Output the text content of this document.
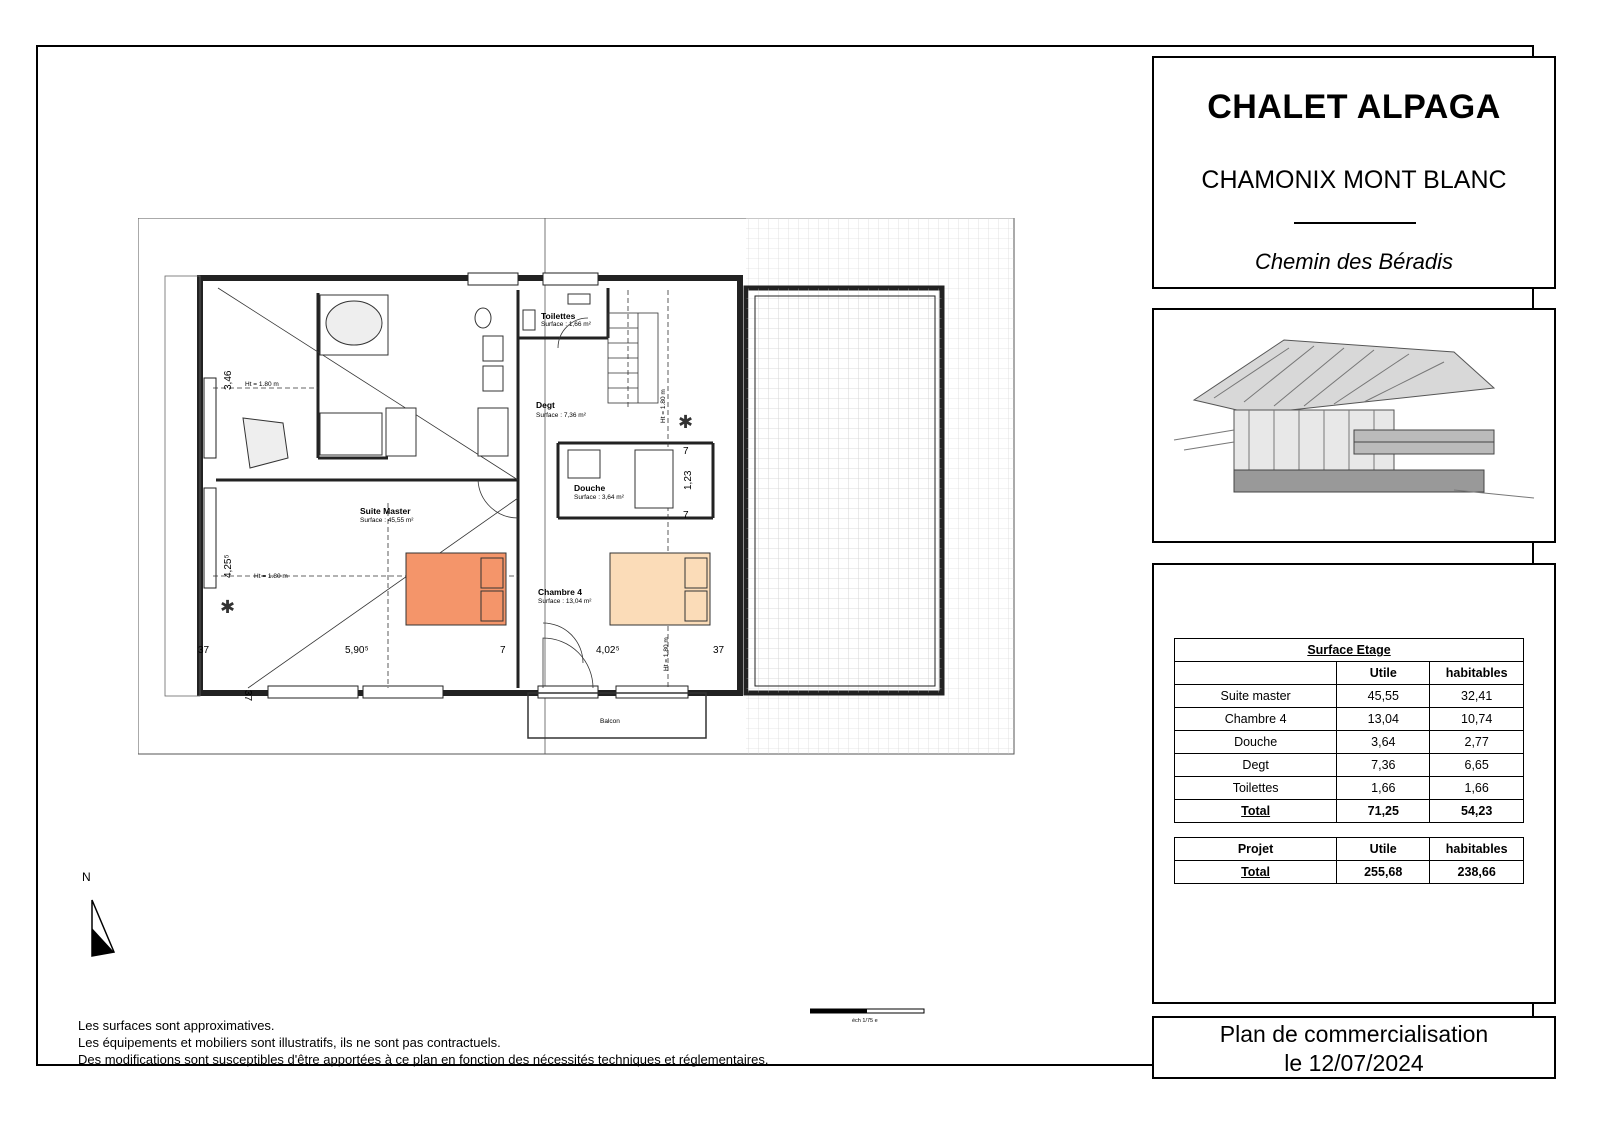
CHALET ALPAGA
CHAMONIX MONT BLANC
Chemin des Béradis
Surface Etage		
	Utile	habitables
Suite master	45,55	32,41
Chambre 4	13,04	10,74
Douche	3,64	2,77
Degt	7,36	6,65
Toilettes	1,66	1,66
Total	71,25	54,23
Projet	Utile	habitables
Total	255,68	238,66
Plan de commercialisation
le 12/07/2024
✱
✱
Toilettes
Surface : 1,66 m²
Degt
Surface : 7,36 m²
Douche
Surface : 3,64 m²
Suite Master
Surface : 45,55 m²
Chambre 4
Surface : 13,04 m²
Balcon
Ht = 1.80 m
Ht = 1.80 m
Ht = 1.80 m
Ht = 1.80 m
3,46
4,25⁵
5,90⁵	4,02⁵
37	37
37
7
7
7
1,23
N
éch 1/75 e
Les surfaces sont approximatives.
Les équipements et mobiliers sont illustratifs, ils ne sont pas contractuels.
Des modifications sont susceptibles d'être apportées à ce plan en fonction des nécessités techniques et réglementaires.
